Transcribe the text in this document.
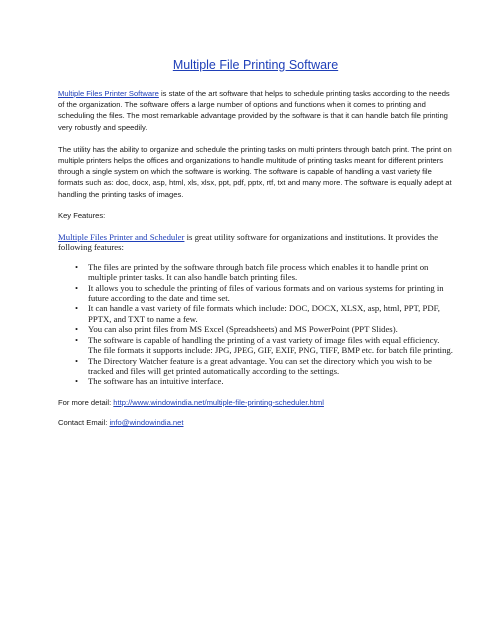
Multiple File Printing Software

Multiple Files Printer Software is state of the art software that helps to schedule printing tasks according to the needs of the organization. The software offers a large number of options and functions when it comes to printing and scheduling the files. The most remarkable advantage provided by the software is that it can handle batch file printing very robustly and speedily.

The utility has the ability to organize and schedule the printing tasks on multi printers through batch print. The print on multiple printers helps the offices and organizations to handle multitude of printing tasks meant for different printers through a single system on which the software is working. The software is capable of handling a vast variety file formats such as: doc, docx, asp, html, xls, xlsx, ppt, pdf, pptx, rtf, txt and many more. The software is equally adept at handling the printing tasks of images.

Key Features:

Multiple Files Printer and Scheduler is great utility software for organizations and institutions. It provides the following features:

• The files are printed by the software through batch file process which enables it to handle print on multiple printer tasks. It can also handle batch printing files.
• It allows you to schedule the printing of files of various formats and on various systems for printing in future according to the date and time set.
• It can handle a vast variety of file formats which include: DOC, DOCX, XLSX, asp, html, PPT, PDF, PPTX, and TXT to name a few.
• You can also print files from MS Excel (Spreadsheets) and MS PowerPoint (PPT Slides).
• The software is capable of handling the printing of a vast variety of image files with equal efficiency. The file formats it supports include: JPG, JPEG, GIF, EXIF, PNG, TIFF, BMP etc. for batch file printing.
• The Directory Watcher feature is a great advantage. You can set the directory which you wish to be tracked and files will get printed automatically according to the settings.
• The software has an intuitive interface.

For more detail: http://www.windowindia.net/multiple-file-printing-scheduler.html

Contact Email: info@windowindia.net
